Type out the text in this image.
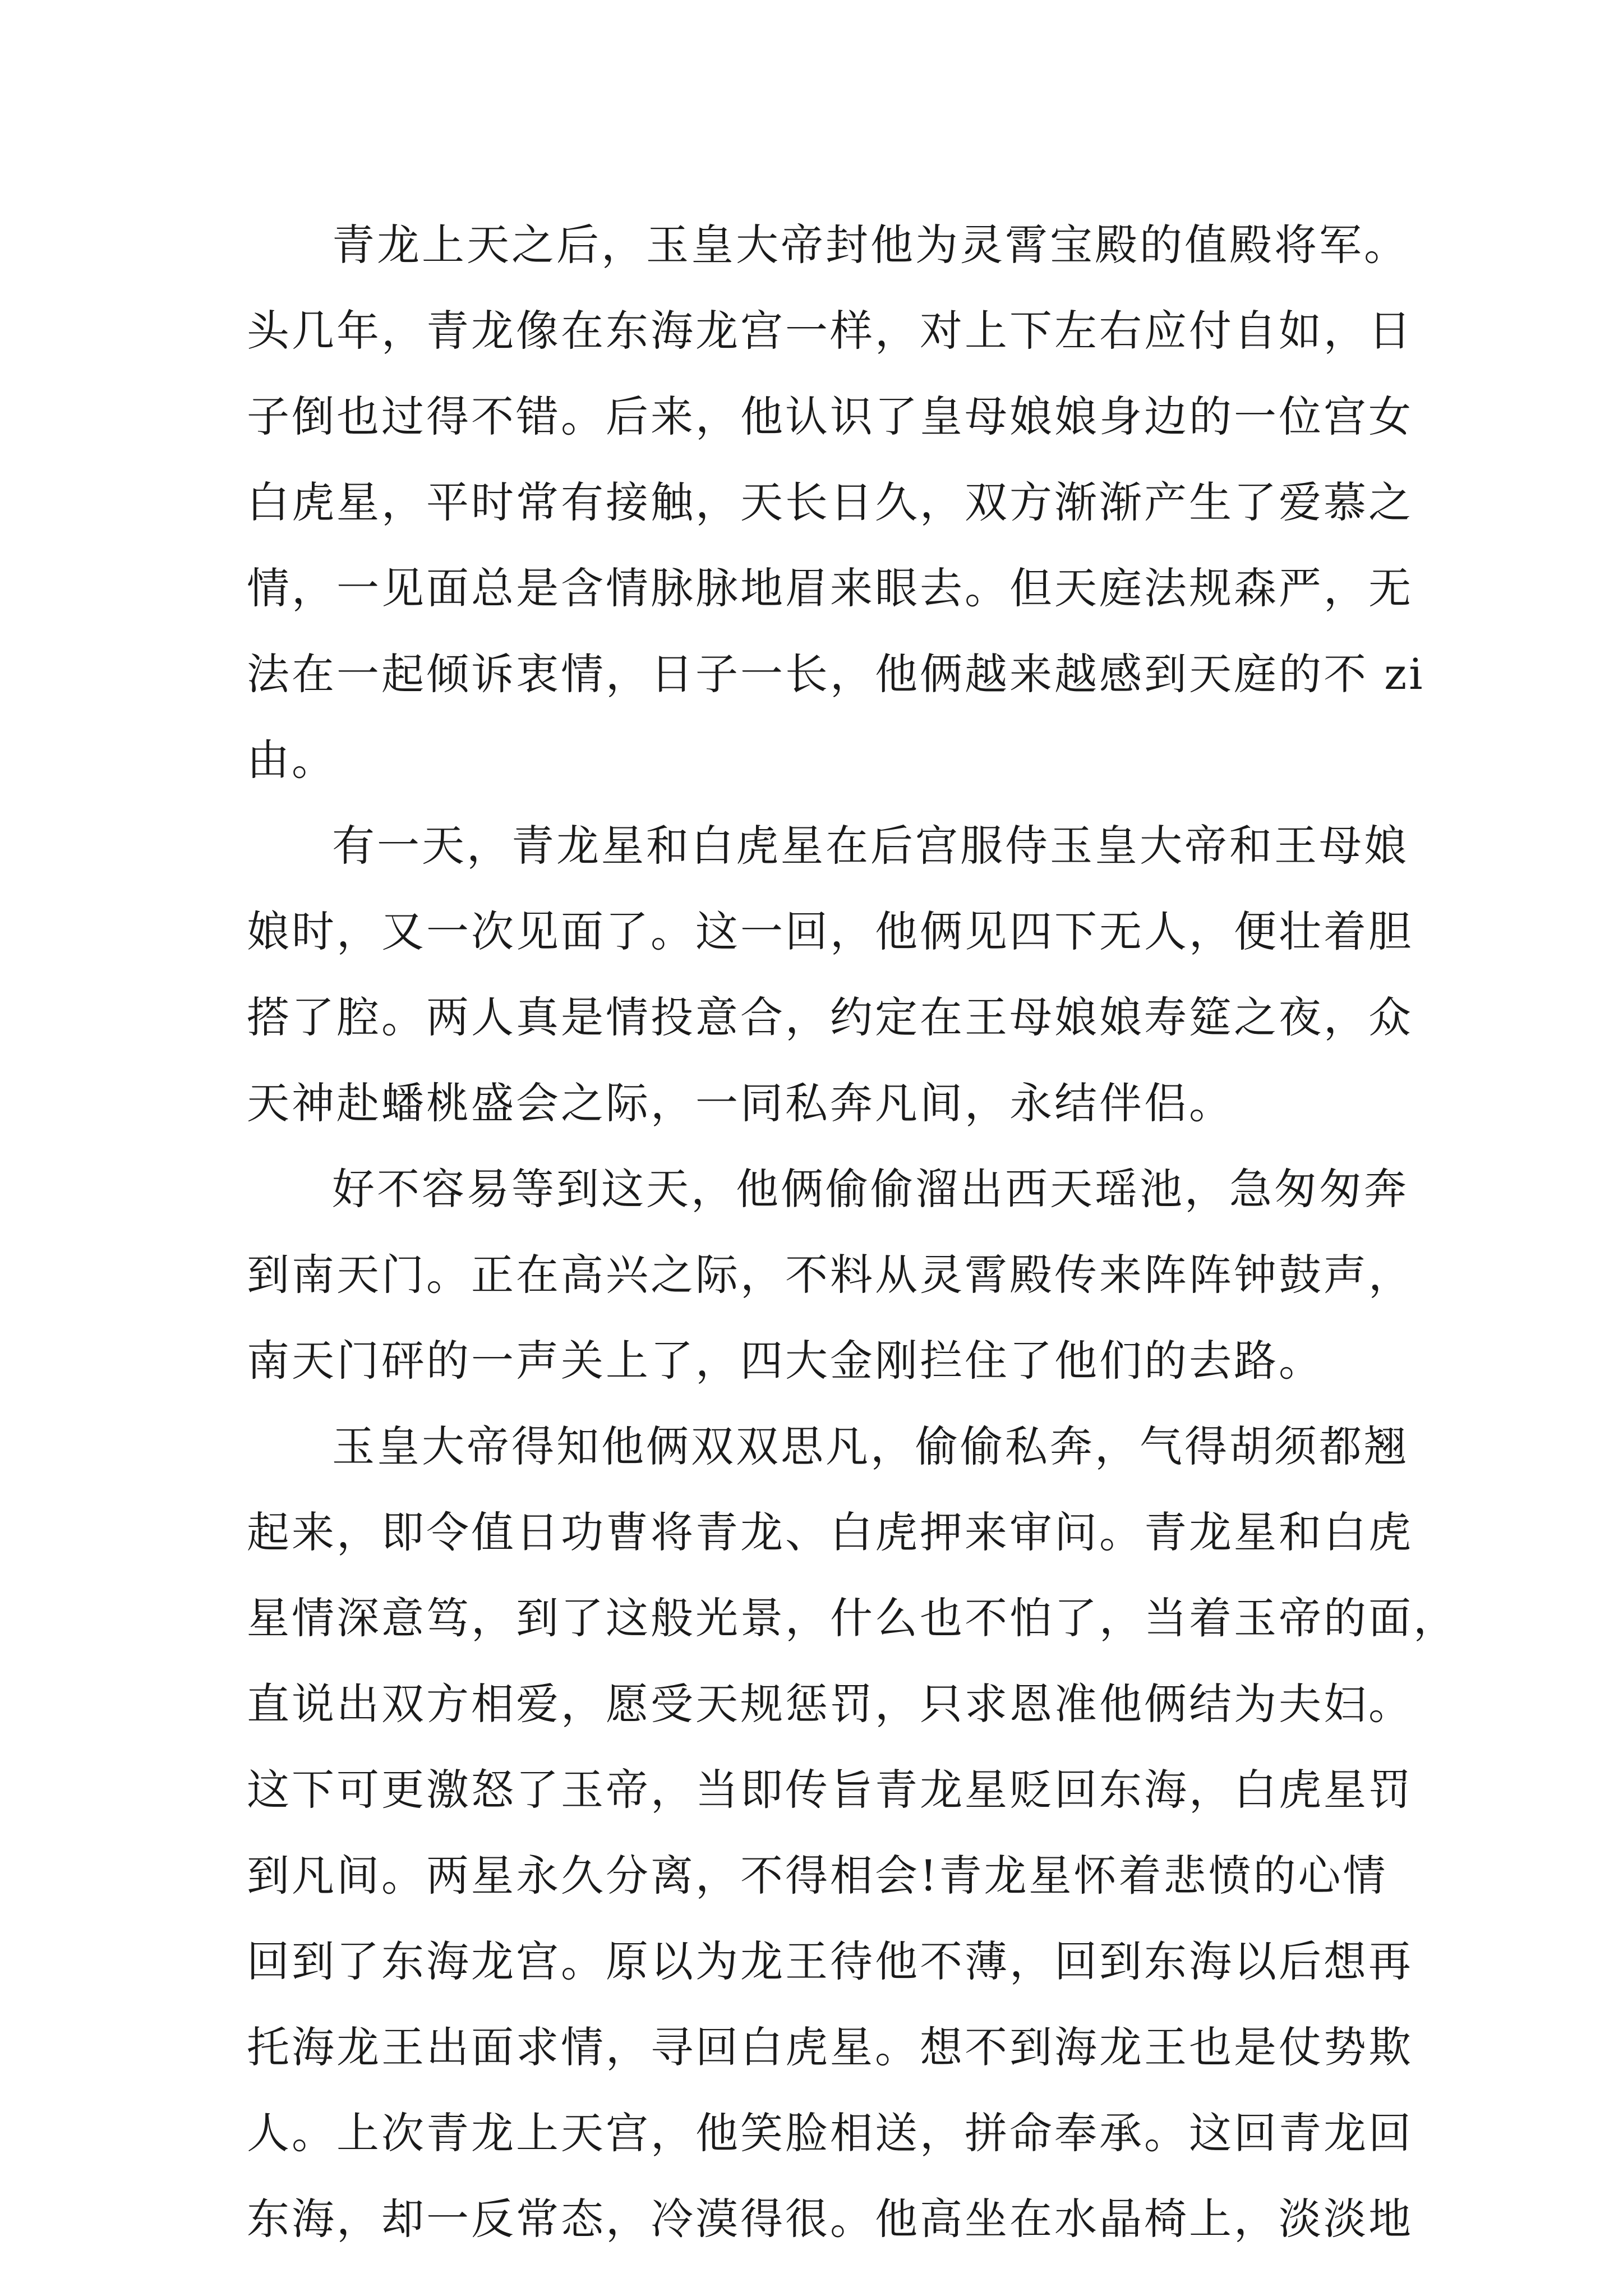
青龙上天之后，玉皇大帝封他为灵霄宝殿的值殿将军。
头几年，青龙像在东海龙宫一样，对上下左右应付自如，日
子倒也过得不错。后来，他认识了皇母娘娘身边的一位宫女
白虎星，平时常有接触，天长日久，双方渐渐产生了爱慕之
情，一见面总是含情脉脉地眉来眼去。但天庭法规森严，无
法在一起倾诉衷情，日子一长，他俩越来越感到天庭的不 zi
由。
有一天，青龙星和白虎星在后宫服侍玉皇大帝和王母娘
娘时，又一次见面了。这一回，他俩见四下无人，便壮着胆
搭了腔。两人真是情投意合，约定在王母娘娘寿筵之夜，众
天神赴蟠桃盛会之际，一同私奔凡间，永结伴侣。
好不容易等到这天，他俩偷偷溜出西天瑶池，急匆匆奔
到南天门。正在高兴之际，不料从灵霄殿传来阵阵钟鼓声，
南天门砰的一声关上了，四大金刚拦住了他们的去路。
玉皇大帝得知他俩双双思凡，偷偷私奔，气得胡须都翘
起来，即令值日功曹将青龙、白虎押来审问。青龙星和白虎
星情深意笃，到了这般光景，什么也不怕了，当着玉帝的面，
直说出双方相爱，愿受天规惩罚，只求恩准他俩结为夫妇。
这下可更激怒了玉帝，当即传旨青龙星贬回东海，白虎星罚
到凡间。两星永久分离，不得相会!青龙星怀着悲愤的心情
回到了东海龙宫。原以为龙王待他不薄，回到东海以后想再
托海龙王出面求情，寻回白虎星。想不到海龙王也是仗势欺
人。上次青龙上天宫，他笑脸相送，拼命奉承。这回青龙回
东海，却一反常态，冷漠得很。他高坐在水晶椅上，淡淡地
